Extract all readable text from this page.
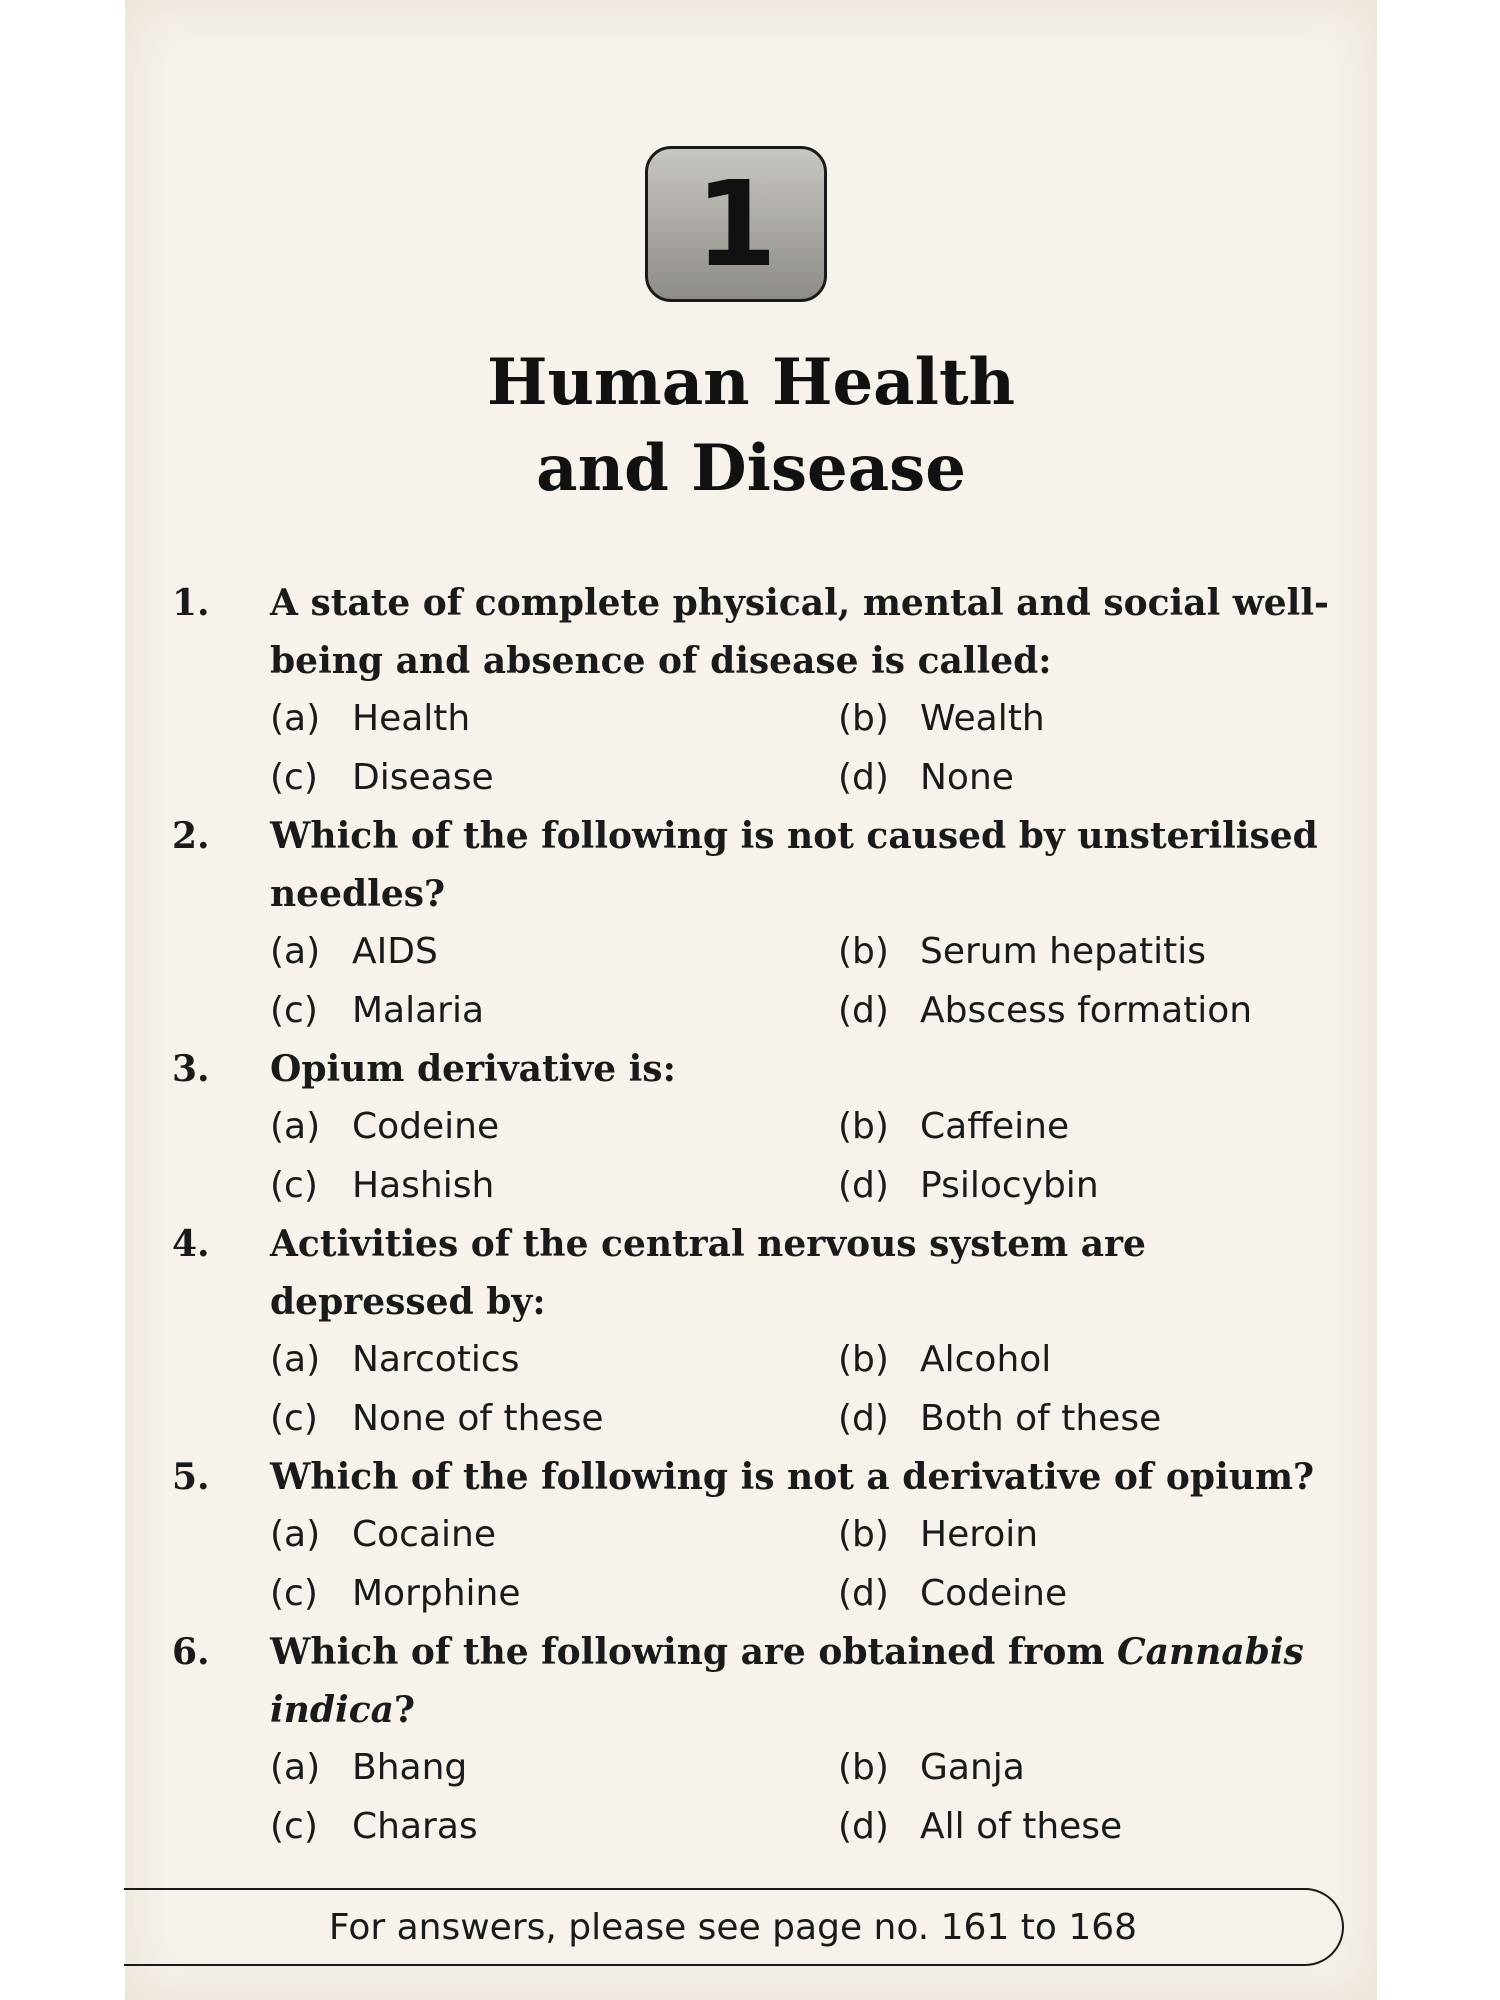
1
Human Health
and Disease
1.	A state of complete physical, mental and social well-being and absence of disease is called:
(a) Health	(b) Wealth
(c) Disease	(d) None
2.	Which of the following is not caused by unsterilised needles?
(a) AIDS	(b) Serum hepatitis
(c) Malaria	(d) Abscess formation
3.	Opium derivative is:
(a) Codeine	(b) Caffeine
(c) Hashish	(d) Psilocybin
4.	Activities of the central nervous system are depressed by:
(a) Narcotics	(b) Alcohol
(c) None of these	(d) Both of these
5.	Which of the following is not a derivative of opium?
(a) Cocaine	(b) Heroin
(c) Morphine	(d) Codeine
6.	Which of the following are obtained from Cannabis indica?
(a) Bhang	(b) Ganja
(c) Charas	(d) All of these
For answers, please see page no. 161 to 168
